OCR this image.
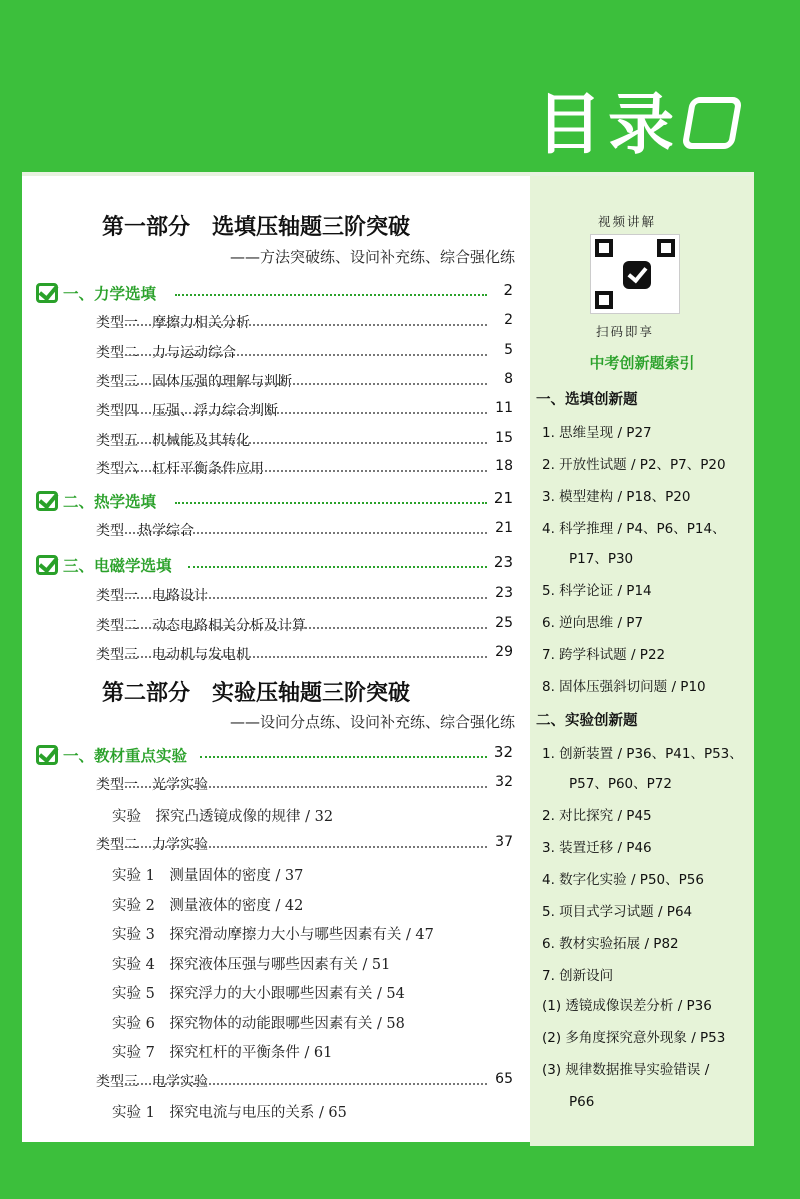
目录
第一部分　选填压轴题三阶突破
——方法突破练、设问补充练、综合强化练
一、力学选填	2
类型一　摩擦力相关分析	2
类型二　力与运动综合	5
类型三　固体压强的理解与判断	8
类型四　压强、浮力综合判断	11
类型五　机械能及其转化	15
类型六　杠杆平衡条件应用	18
二、热学选填	21
类型　热学综合	21
三、电磁学选填	23
类型一　电路设计	23
类型二　动态电路相关分析及计算	25
类型三　电动机与发电机	29
第二部分　实验压轴题三阶突破
——设问分点练、设问补充练、综合强化练
一、教材重点实验	32
类型一　光学实验	32
实验　探究凸透镜成像的规律 / 32
类型二　力学实验	37
实验 1　测量固体的密度 / 37
实验 2　测量液体的密度 / 42
实验 3　探究滑动摩擦力大小与哪些因素有关 / 47
实验 4　探究液体压强与哪些因素有关 / 51
实验 5　探究浮力的大小跟哪些因素有关 / 54
实验 6　探究物体的动能跟哪些因素有关 / 58
实验 7　探究杠杆的平衡条件 / 61
类型三　电学实验	65
实验 1　探究电流与电压的关系 / 65
视频讲解
扫码即享
中考创新题索引
一、选填创新题
1. 思维呈现 / P27
2. 开放性试题 / P2、P7、P20
3. 模型建构 / P18、P20
4. 科学推理 / P4、P6、P14、
　　P17、P30
5. 科学论证 / P14
6. 逆向思维 / P7
7. 跨学科试题 / P22
8. 固体压强斜切问题 / P10
二、实验创新题
1. 创新装置 / P36、P41、P53、
　　P57、P60、P72
2. 对比探究 / P45
3. 装置迁移 / P46
4. 数字化实验 / P50、P56
5. 项目式学习试题 / P64
6. 教材实验拓展 / P82
7. 创新设问
(1) 透镜成像误差分析 / P36
(2) 多角度探究意外现象 / P53
(3) 规律数据推导实验错误 /
　　P66
